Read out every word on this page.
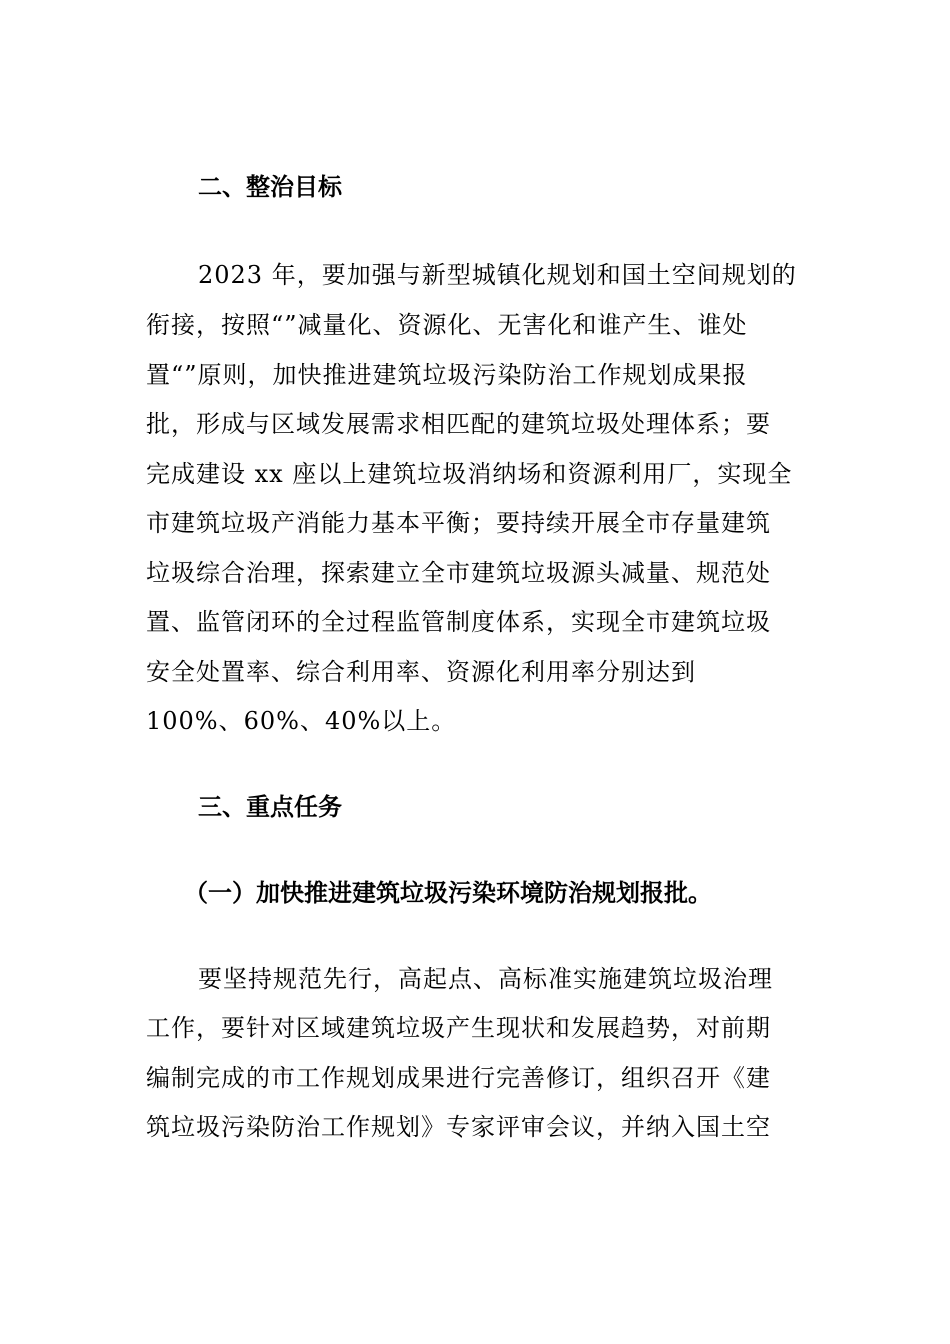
二、整治目标
2023 年，要加强与新型城镇化规划和国土空间规划的
衔接，按照“”减量化、资源化、无害化和谁产生、谁处
置“”原则，加快推进建筑垃圾污染防治工作规划成果报
批，形成与区域发展需求相匹配的建筑垃圾处理体系；要
完成建设 xx 座以上建筑垃圾消纳场和资源利用厂，实现全
市建筑垃圾产消能力基本平衡；要持续开展全市存量建筑
垃圾综合治理，探索建立全市建筑垃圾源头减量、规范处
置、监管闭环的全过程监管制度体系，实现全市建筑垃圾
安全处置率、综合利用率、资源化利用率分别达到
100%、60%、40%以上。
三、重点任务
（一）加快推进建筑垃圾污染环境防治规划报批。
要坚持规范先行，高起点、高标准实施建筑垃圾治理
工作，要针对区域建筑垃圾产生现状和发展趋势，对前期
编制完成的市工作规划成果进行完善修订，组织召开《建
筑垃圾污染防治工作规划》专家评审会议，并纳入国土空
